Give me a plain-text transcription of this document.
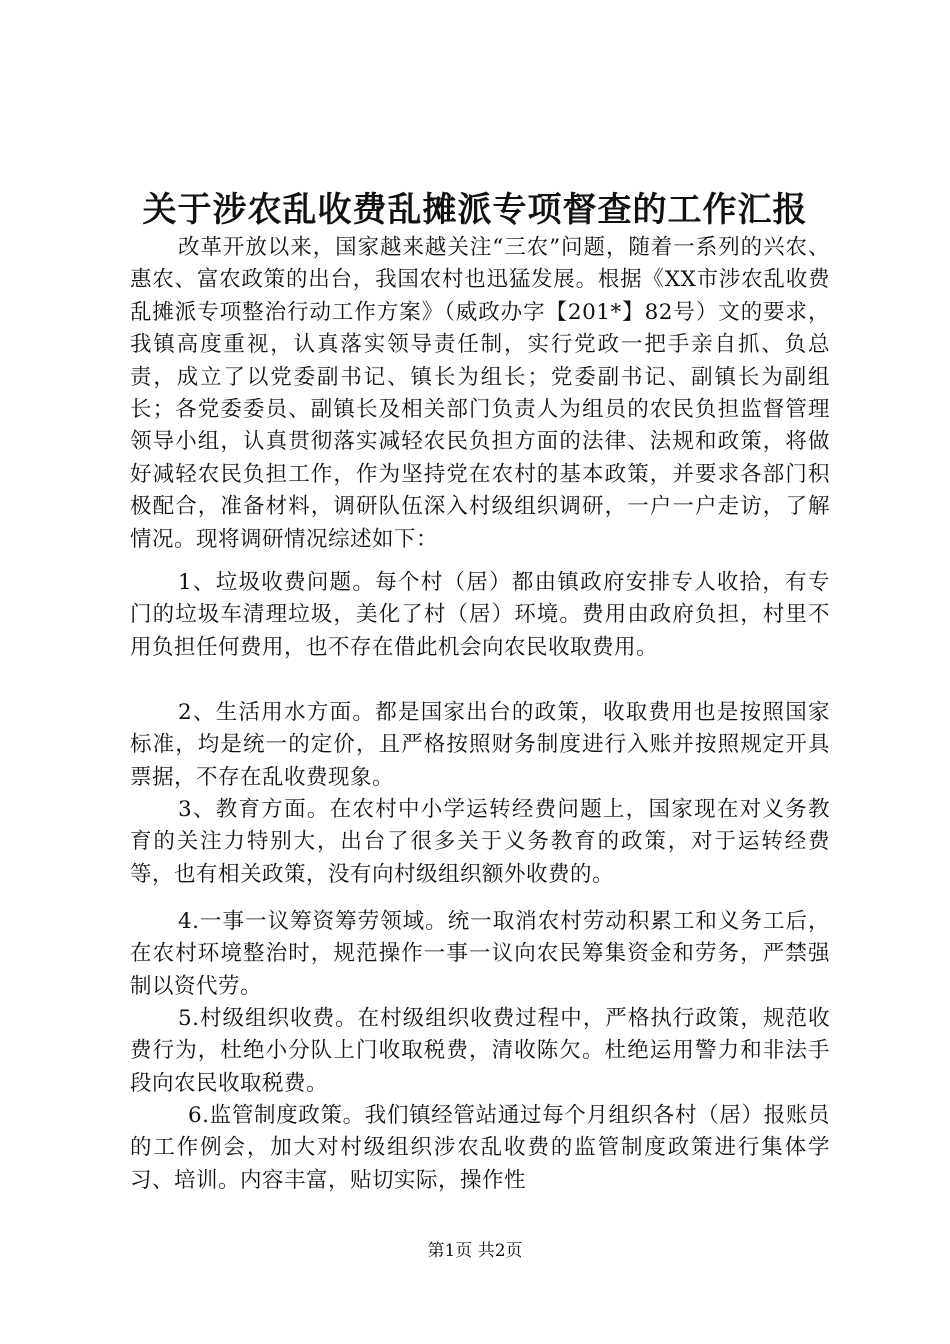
关于涉农乱收费乱摊派专项督查的工作汇报

改革开放以来，国家越来越关注“三农”问题，随着一系列的兴农、惠农、富农政策的出台，我国农村也迅猛发展。根据《XX市涉农乱收费乱摊派专项整治行动工作方案》（威政办字【201*】82号）文的要求，我镇高度重视，认真落实领导责任制，实行党政一把手亲自抓、负总责，成立了以党委副书记、镇长为组长；党委副书记、副镇长为副组长；各党委委员、副镇长及相关部门负责人为组员的农民负担监督管理领导小组，认真贯彻落实减轻农民负担方面的法律、法规和政策，将做好减轻农民负担工作，作为坚持党在农村的基本政策，并要求各部门积极配合，准备材料，调研队伍深入村级组织调研，一户一户走访，了解情况。现将调研情况综述如下：

1、垃圾收费问题。每个村（居）都由镇政府安排专人收拾，有专门的垃圾车清理垃圾，美化了村（居）环境。费用由政府负担，村里不用负担任何费用，也不存在借此机会向农民收取费用。

2、生活用水方面。都是国家出台的政策，收取费用也是按照国家标准，均是统一的定价，且严格按照财务制度进行入账并按照规定开具票据，不存在乱收费现象。

3、教育方面。在农村中小学运转经费问题上，国家现在对义务教育的关注力特别大，出台了很多关于义务教育的政策，对于运转经费等，也有相关政策，没有向村级组织额外收费的。

4.一事一议筹资筹劳领域。统一取消农村劳动积累工和义务工后，在农村环境整治时，规范操作一事一议向农民筹集资金和劳务，严禁强制以资代劳。

5.村级组织收费。在村级组织收费过程中，严格执行政策，规范收费行为，杜绝小分队上门收取税费，清收陈欠。杜绝运用警力和非法手段向农民收取税费。

6.监管制度政策。我们镇经管站通过每个月组织各村（居）报账员的工作例会，加大对村级组织涉农乱收费的监管制度政策进行集体学习、培训。内容丰富，贴切实际，操作性

第1页 共2页
